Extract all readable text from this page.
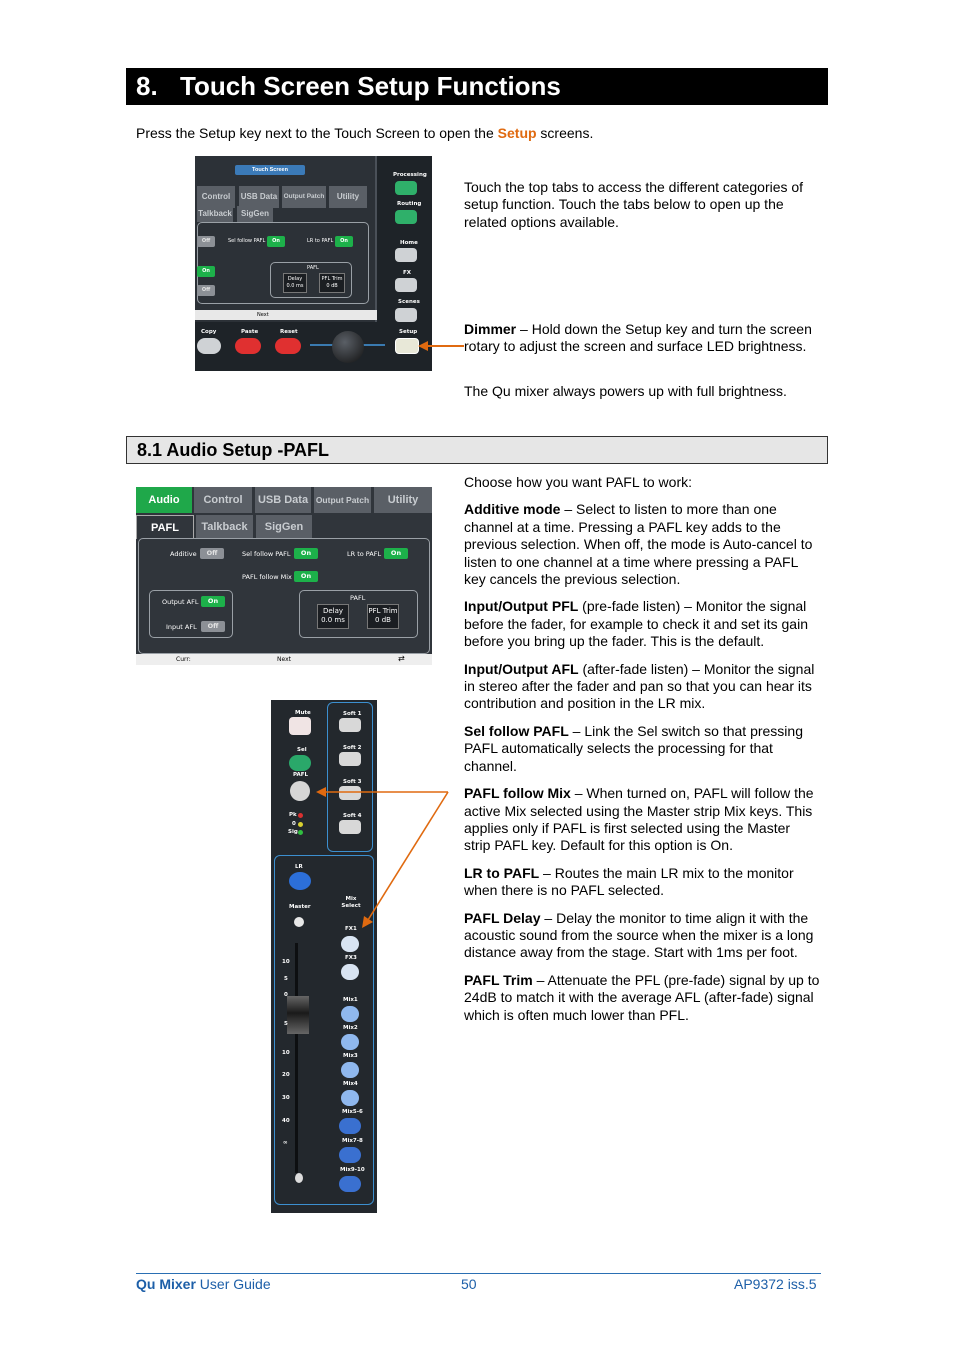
8. Touch Screen Setup Functions

Press the Setup key next to the Touch Screen to open the Setup screens.

Touch Screen
Control	USB Data Output Patch	Utility
Talkback	SigGen
Off	Sel follow PAFL	On	LR to PAFL	On
On
Off
PAFL
Delay
0.0 ms
PFL Trim
0 dB
Next
Processing
Routing
Home
FX
Scenes
Setup
Copy	Paste	Reset

Touch the top tabs to access the different categories of setup function. Touch the tabs below to open up the related options available.

Dimmer – Hold down the Setup key and turn the screen rotary to adjust the screen and surface LED brightness.

The Qu mixer always powers up with full brightness.

8.1 Audio Setup -PAFL
Audio	Control	USB Data Output Patch	Utility
PAFL	Talkback	SigGen
Additive	Off	Sel follow PAFL	On	LR to PAFL	On
PAFL follow Mix	On
Output AFL	On
Input AFL	Off
PAFL
Delay
0.0 ms
PFL Trim
0 dB
Curr:	Next	⇄
Mute
Sel
PAFL
Pk
0
Sig
Soft 1
Soft 2
Soft 3
Soft 4
LR
Master
Mix Select
10
5
0
5
10
20
30
40
∞
FX1
FX3
Mix1
Mix2
Mix3
Mix4
Mix5-6
Mix7-8
Mix9-10

Choose how you want PAFL to work:

Additive mode – Select to listen to more than one channel at a time. Pressing a PAFL key adds to the previous selection. When off, the mode is Auto-cancel to listen to one channel at a time where pressing a PAFL key cancels the previous selection.

Input/Output PFL (pre-fade listen) – Monitor the signal before the fader, for example to check it and set its gain before you bring up the fader. This is the default.

Input/Output AFL (after-fade listen) – Monitor the signal in stereo after the fader and pan so that you can hear its contribution and position in the LR mix.

Sel follow PAFL – Link the Sel switch so that pressing PAFL automatically selects the processing for that channel.

PAFL follow Mix – When turned on, PAFL will follow the active Mix selected using the Master strip Mix keys. This applies only if PAFL is first selected using the Master strip PAFL key. Default for this option is On.

LR to PAFL – Routes the main LR mix to the monitor when there is no PAFL selected.

PAFL Delay – Delay the monitor to time align it with the acoustic sound from the source when the mixer is a long distance away from the stage. Start with 1ms per foot.

PAFL Trim – Attenuate the PFL (pre-fade) signal by up to 24dB to match it with the average AFL (after-fade) signal which is often much lower than PFL.

Qu Mixer User Guide	50	AP9372 iss.5
